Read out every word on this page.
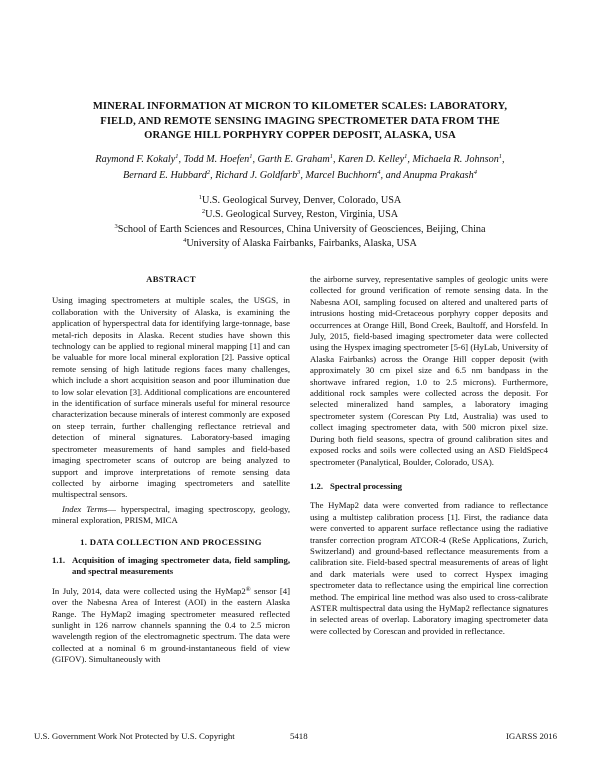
MINERAL INFORMATION AT MICRON TO KILOMETER SCALES: LABORATORY,
FIELD, AND REMOTE SENSING IMAGING SPECTROMETER DATA FROM THE
ORANGE HILL PORPHYRY COPPER DEPOSIT, ALASKA, USA
Raymond F. Kokaly$^1$, Todd M. Hoefen$^1$, Garth E. Graham$^1$, Karen D. Kelley$^1$, Michaela R. Johnson$^1$,
Bernard E. Hubbard$^2$, Richard J. Goldfarb$^3$, Marcel Buchhorn$^4$, and Anupma Prakash$^4$
$^1$U.S. Geological Survey, Denver, Colorado, USA
$^2$U.S. Geological Survey, Reston, Virginia, USA
$^3$School of Earth Sciences and Resources, China University of Geosciences, Beijing, China
$^4$University of Alaska Fairbanks, Fairbanks, Alaska, USA
ABSTRACT

Using imaging spectrometers at multiple scales, the USGS, in collaboration with the University of Alaska, is examining the application of hyperspectral data for identifying large-tonnage, base metal-rich deposits in Alaska. Recent studies have shown this technology can be applied to regional mineral mapping [1] and can be valuable for more local mineral exploration [2]. Passive optical remote sensing of high latitude regions faces many challenges, which include a short acquisition season and poor illumination due to low solar elevation [3]. Additional complications are encountered in the identification of surface minerals useful for mineral resource characterization because minerals of interest commonly are exposed on steep terrain, further challenging reflectance retrieval and detection of mineral signatures. Laboratory-based imaging spectrometer measurements of hand samples and field-based imaging spectrometer scans of outcrop are being analyzed to support and improve interpretations of remote sensing data collected by airborne imaging spectrometers and satellite multispectral sensors.

Index Terms— hyperspectral, imaging spectroscopy, geology, mineral exploration, PRISM, MICA

1. DATA COLLECTION AND PROCESSING
1.1. Acquisition of imaging spectrometer data, field sampling, and spectral measurements

In July, 2014, data were collected using the HyMap2® sensor [4] over the Nabesna Area of Interest (AOI) in the eastern Alaska Range. The HyMap2 imaging spectrometer measured reflected sunlight in 126 narrow channels spanning the 0.4 to 2.5 micron wavelength region of the electromagnetic spectrum. The data were collected at a nominal 6 m ground-instantaneous field of view (GIFOV). Simultaneously with

the airborne survey, representative samples of geologic units were collected for ground verification of remote sensing data. In the Nabesna AOI, sampling focused on altered and unaltered parts of intrusions hosting mid-Cretaceous porphyry copper deposits and occurrences at Orange Hill, Bond Creek, Baultoff, and Horsfeld. In July, 2015, field-based imaging spectrometer data were collected using the Hyspex imaging spectrometer [5-6] (HyLab, University of Alaska Fairbanks) across the Orange Hill copper deposit (with approximately 30 cm pixel size and 6.5 nm bandpass in the shortwave infrared region, 1.0 to 2.5 microns). Furthermore, additional rock samples were collected across the deposit. For selected mineralized hand samples, a laboratory imaging spectrometer system (Corescan Pty Ltd, Australia) was used to collect imaging spectrometer data, with 500 micron pixel size. During both field seasons, spectra of ground calibration sites and exposed rocks and soils were collected using an ASD FieldSpec4 spectrometer (Panalytical, Boulder, Colorado, USA).

1.2. Spectral processing

The HyMap2 data were converted from radiance to reflectance using a multistep calibration process [1]. First, the radiance data were converted to apparent surface reflectance using the radiative transfer correction program ATCOR-4 (ReSe Applications, Zurich, Switzerland) and ground-based reflectance measurements from a calibration site. Field-based spectral measurements of areas of light and dark materials were used to correct Hyspex imaging spectrometer data to reflectance using the empirical line correction method. The empirical line method was also used to cross-calibrate ASTER multispectral data using the HyMap2 reflectance signatures in selected areas of overlap. Laboratory imaging spectrometer data were collected by Corescan and provided in reflectance.

U.S. Government Work Not Protected by U.S. Copyright	5418	IGARSS 2016
